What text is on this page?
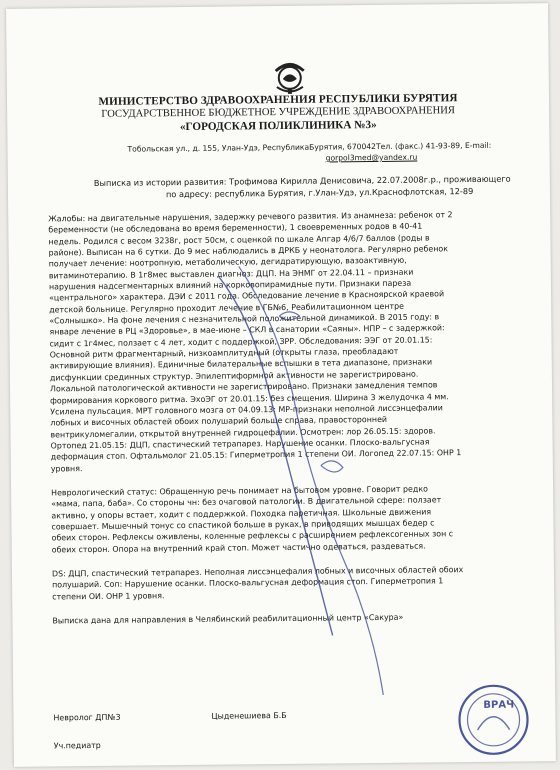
МИНИСТЕРСТВО ЗДРАВООХРАНЕНИЯ РЕСПУБЛИКИ БУРЯТИЯ
ГОСУДАРСТВЕННОЕ БЮДЖЕТНОЕ УЧРЕЖДЕНИЕ ЗДРАВООХРАНЕНИЯ
«ГОРОДСКАЯ ПОЛИКЛИНИКА №3»
Тобольская ул., д. 155, Улан-Удэ, РеспубликаБурятия, 670042Тел. (факс.) 41-93-89, E-mail:
gorpol3med@yandex.ru
Выписка из истории развития: Трофимова Кирилла Денисовича, 22.07.2008г.р., проживающего
по адресу: республика Бурятия, г.Улан-Удэ, ул.Краснофлотская, 12-89

Жалобы: на двигательные нарушения, задержку речевого развития. Из анамнеза: ребенок от 2

беременности (не обследована во время беременности), 1 своевременных родов в 40-41

недель. Родился с весом 3238г, рост 50см, с оценкой по шкале Апгар 4/6/7 баллов (роды в

районе). Выписан на 6 сутки. До 9 мес наблюдались в ДРКБ у неонатолога. Регулярно ребенок

получает лечение: ноотропную, метаболическую, дегидратирующую, вазоактивную,

витаминотерапию. В 1г8мес выставлен диагноз: ДЦП. На ЭНМГ от 22.04.11 – признаки

нарушения надсегментарных влияний на корковопирамидные пути. Признаки пареза

«центрального» характера. ДЭИ с 2011 года. Обследование лечение в Красноярской краевой

детской больнице. Регулярно проходит лечение в ГБ№6, Реабилитационном центре

«Солнышко». На фоне лечения с незначительной положительной динамикой. В 2015 году: в

январе лечение в РЦ «Здоровье», в мае-июне – СКЛ в санатории «Саяны». НПР – с задержкой:

сидит с 1г4мес, ползает с 4 лет, ходит с поддержкой, ЗРР. Обследования: ЭЭГ от 20.01.15:

Основной ритм фрагментарный, низкоамплитудный (открыты глаза, преобладают

активирующие влияния). Единичные билатеральные вспышки в тета диапазоне, признаки

дисфункции срединных структур. Эпилептиформной активности не зарегистрировано.

Локальной патологической активности не зарегистрировано. Признаки замедления темпов

формирования коркового ритма. ЭхоЭГ от 20.01.15: без смещения. Ширина 3 желудочка 4 мм.

Усилена пульсация. МРТ головного мозга от 04.09.13: МР-признаки неполной лиссэнцефалии

лобных и височных областей обоих полушарий больше справа, правосторонней

вентрикуломегалии, открытой внутренней гидроцефалии. Осмотрен: лор 26.05.15: здоров.

Ортопед 21.05.15: ДЦП, спастический тетрапарез. Нарушение осанки. Плоско-вальгусная

деформация стоп. Офтальмолог 21.05.15: Гиперметропия 1 степени ОИ. Логопед 22.07.15: ОНР 1

уровня.

Неврологический статус: Обращенную речь понимает на бытовом уровне. Говорит редко

«мама, папа, баба». Со стороны чн: без очаговой патологии. В двигательной сфере: ползает

активно, у опоры встает, ходит с поддержкой. Походка паретичная. Школьные движения

совершает. Мышечный тонус со спастикой больше в руках, в приводящих мышцах бедер с

обеих сторон. Рефлексы оживлены, коленные рефлексы с расширением рефлексогенных зон с

обеих сторон. Опора на внутренний край стоп. Может частично одеваться, раздеваться.

DS: ДЦП, спастический тетрапарез. Неполная лиссэнцефалия лобных и височных областей обоих

полушарий. Соп: Нарушение осанки. Плоско-вальгусная деформация стоп. Гиперметропия 1

степени ОИ. ОНР 1 уровня.

Выписка дана для направления в Челябинский реабилитационный центр «Сакура»

Невролог ДП№3	Цыденешиева Б.Б
Уч.педиатр
ВРАЧ
